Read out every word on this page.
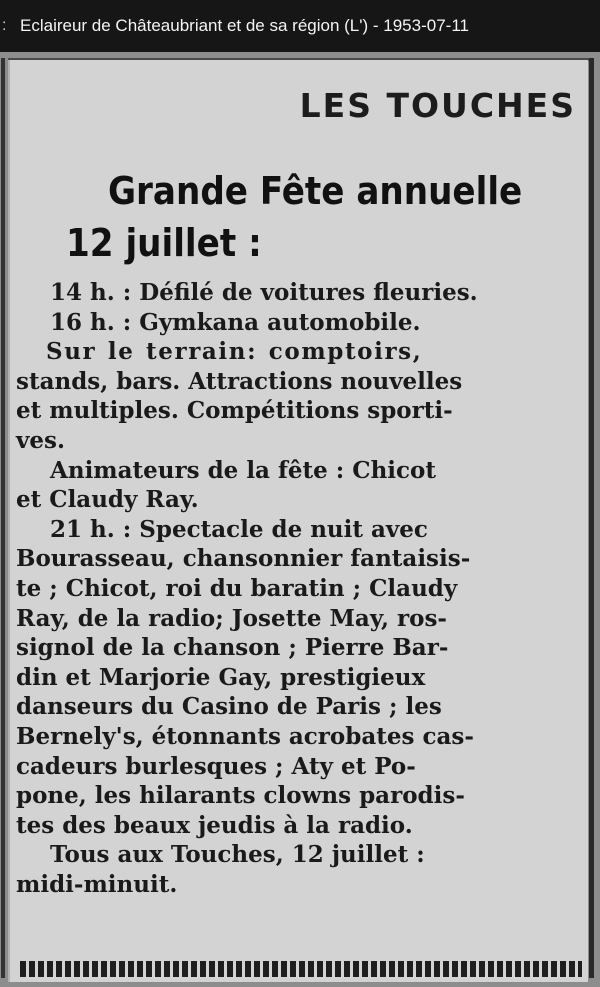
: Eclaireur de Châteaubriant et de sa région (L') - 1953-07-11
LES TOUCHES
Grande Fête annuelle
12 juillet :
14 h. : Défilé de voitures fleuries.
16 h. : Gymkana automobile.
Sur le terrain: comptoirs,
stands, bars. Attractions nouvelles
et multiples. Compétitions sporti-
ves.
Animateurs de la fête : Chicot
et Claudy Ray.
21 h. : Spectacle de nuit avec
Bourasseau, chansonnier fantaisis-
te ; Chicot, roi du baratin ; Claudy
Ray, de la radio; Josette May, ros-
signol de la chanson ; Pierre Bar-
din et Marjorie Gay, prestigieux
danseurs du Casino de Paris ; les
Bernely's, étonnants acrobates cas-
cadeurs burlesques ; Aty et Po-
pone, les hilarants clowns parodis-
tes des beaux jeudis à la radio.
Tous aux Touches, 12 juillet :
midi-minuit.
